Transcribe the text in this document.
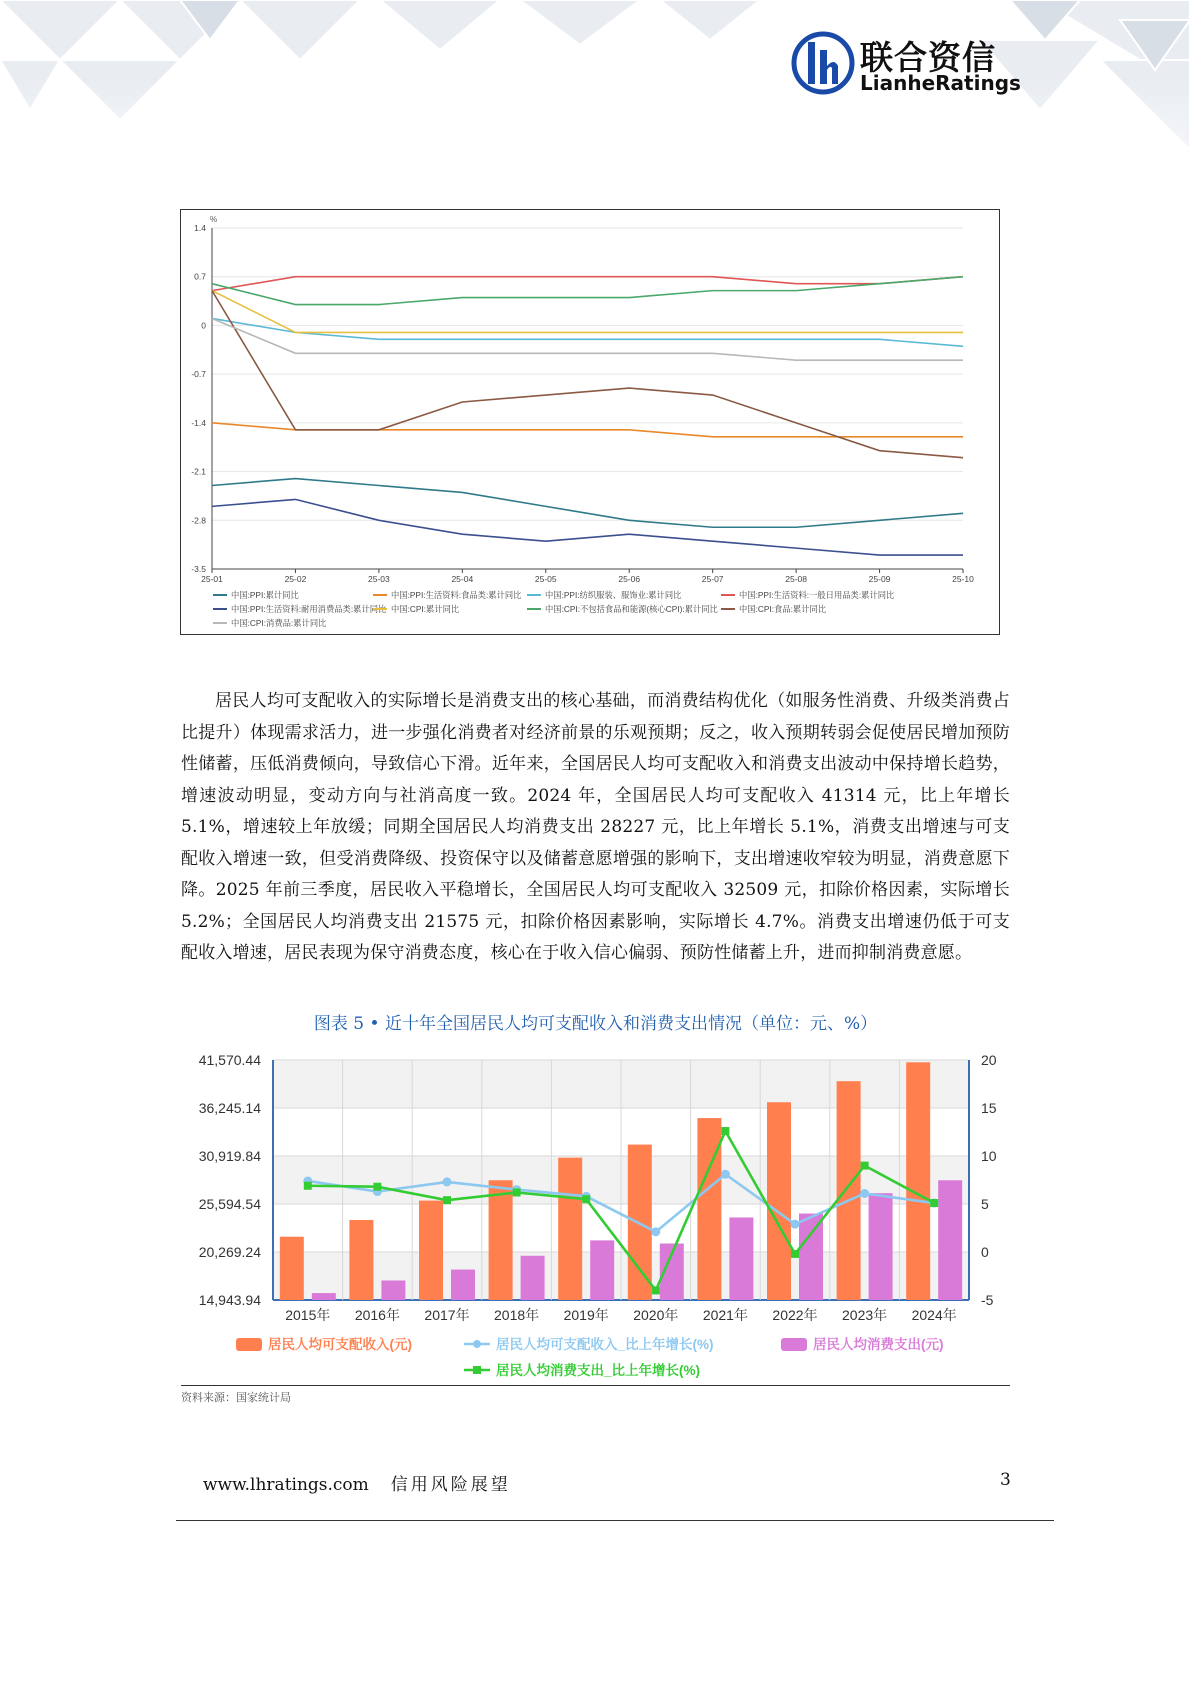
联合资信
LianheRatings
%
1.4
0.7
0
-0.7
-1.4
-2.1
-2.8
-3.5
25-01	25-02	25-03	25-04	25-05	25-06	25-07	25-08	25-09	25-10
中国:PPI:累计同比	中国:PPI:生活资料:食品类:累计同比	中国:PPI:纺织服装、服饰业:累计同比	中国:PPI:生活资料:一般日用品类:累计同比
中国:PPI:生活资料:耐用消费品类:累计同比 中国:CPI:累计同比	中国:CPI:不包括食品和能源(核心CPI):累计同比	中国:CPI:食品:累计同比
中国:CPI:消费品:累计同比

居民人均可支配收入的实际增长是消费支出的核心基础，而消费结构优化（如服务性消费、升级类消费占比提升）体现需求活力，进一步强化消费者对经济前景的乐观预期；反之，收入预期转弱会促使居民增加预防性储蓄，压低消费倾向，导致信心下滑。近年来，全国居民人均可支配收入和消费支出波动中保持增长趋势，增速波动明显，变动方向与社消高度一致。2024 年，全国居民人均可支配收入 41314 元，比上年增长 5.1%，增速较上年放缓；同期全国居民人均消费支出 28227 元，比上年增长 5.1%，消费支出增速与可支配收入增速一致，但受消费降级、投资保守以及储蓄意愿增强的影响下，支出增速收窄较为明显，消费意愿下降。2025 年前三季度，居民收入平稳增长，全国居民人均可支配收入 32509 元，扣除价格因素，实际增长 5.2%；全国居民人均消费支出 21575 元，扣除价格因素影响，实际增长 4.7%。消费支出增速仍低于可支配收入增速，居民表现为保守消费态度，核心在于收入信心偏弱、预防性储蓄上升，进而抑制消费意愿。

图表 5 • 近十年全国居民人均可支配收入和消费支出情况（单位：元、%）
41,570.44
36,245.14
30,919.84
25,594.54
20,269.24
14,943.94
20
15
10
5
0
-5
2015年 2016年 2017年 2018年 2019年 2020年 2021年 2022年 2023年 2024年
居民人均可支配收入(元)	居民人均可支配收入_比上年增长(%)	居民人均消费支出(元)
居民人均消费支出_比上年增长(%)
资料来源：国家统计局
www.lhratings.com 信用风险展望	3
